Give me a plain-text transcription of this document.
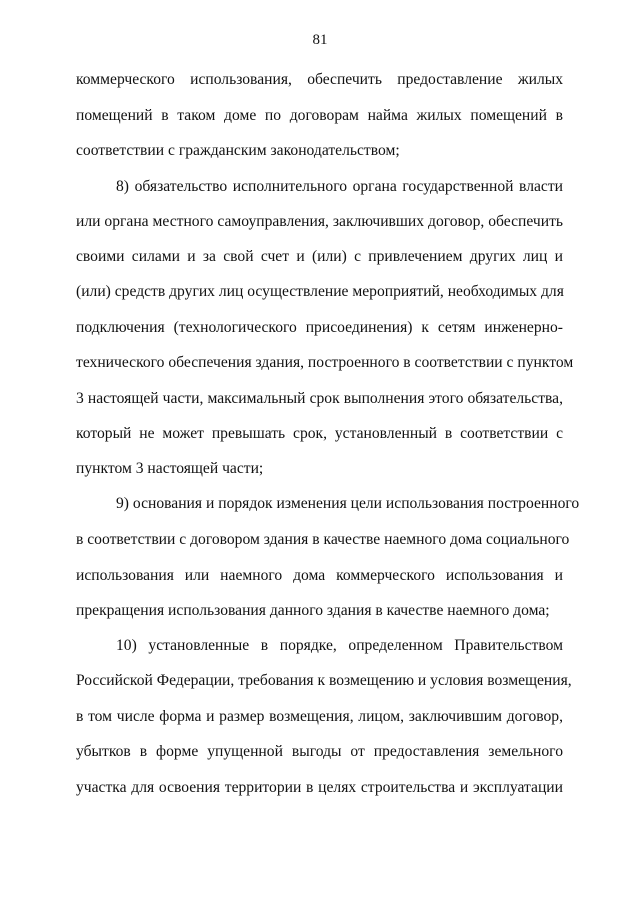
81
коммерческого использования, обеспечить предоставление жилых
помещений в таком доме по договорам найма жилых помещений в
соответствии с гражданским законодательством;
8) обязательство исполнительного органа государственной власти
или органа местного самоуправления, заключивших договор, обеспечить
своими силами и за свой счет и (или) с привлечением других лиц и
(или) средств других лиц осуществление мероприятий, необходимых для
подключения (технологического присоединения) к сетям инженерно-
технического обеспечения здания, построенного в соответствии с пунктом
3 настоящей части, максимальный срок выполнения этого обязательства,
который не может превышать срок, установленный в соответствии с
пунктом 3 настоящей части;
9) основания и порядок изменения цели использования построенного
в соответствии с договором здания в качестве наемного дома социального
использования или наемного дома коммерческого использования и
прекращения использования данного здания в качестве наемного дома;
10) установленные в порядке, определенном Правительством
Российской Федерации, требования к возмещению и условия возмещения,
в том числе форма и размер возмещения, лицом, заключившим договор,
убытков в форме упущенной выгоды от предоставления земельного
участка для освоения территории в целях строительства и эксплуатации
